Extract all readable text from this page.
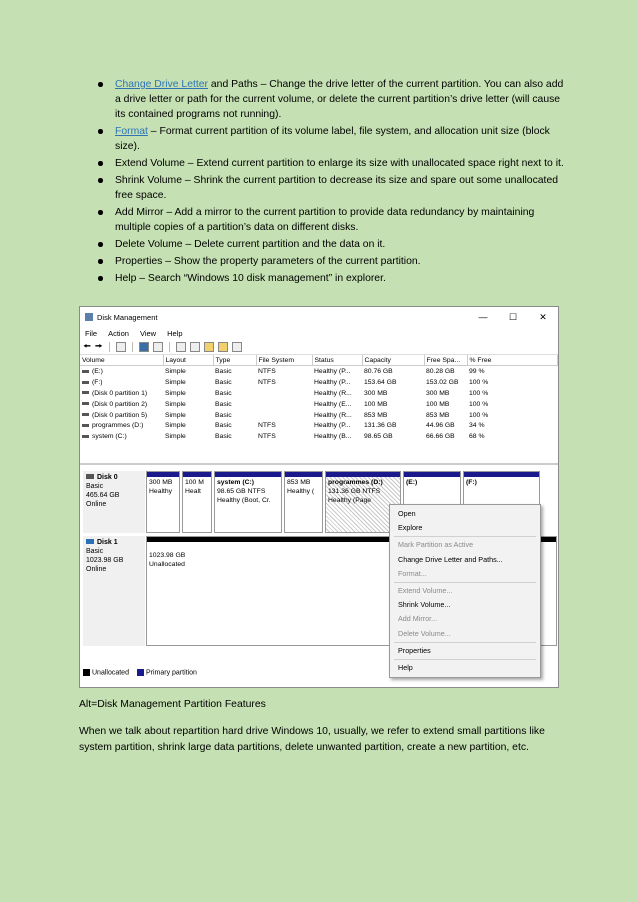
Change Drive Letter and Paths – Change the drive letter of the current partition. You can also add a drive letter or path for the current volume, or delete the current partition’s drive letter (will cause its contained programs not running).
Format – Format current partition of its volume label, file system, and allocation unit size (block size).
Extend Volume – Extend current partition to enlarge its size with unallocated space right next to it.
Shrink Volume – Shrink the current partition to decrease its size and spare out some unallocated free space.
Add Mirror – Add a mirror to the current partition to provide data redundancy by maintaining multiple copies of a partition’s data on different disks.
Delete Volume – Delete current partition and the data on it.
Properties – Show the property parameters of the current partition.
Help – Search “Windows 10 disk management” in explorer.
Disk Management	—	☐	✕
File Action View Help
🠘 🠚
Volume	Layout	Type	File System	Status	Capacity	Free Spa...	% Free
(E:)	Simple	Basic	NTFS	Healthy (P...	80.76 GB	80.28 GB	99 %
(F:)	Simple	Basic	NTFS	Healthy (P...	153.64 GB	153.02 GB	100 %
(Disk 0 partition 1)	Simple	Basic		Healthy (R...	300 MB	300 MB	100 %
(Disk 0 partition 2)	Simple	Basic		Healthy (E...	100 MB	100 MB	100 %
(Disk 0 partition 5)	Simple	Basic		Healthy (R...	853 MB	853 MB	100 %
programmes (D:)	Simple	Basic	NTFS	Healthy (P...	131.36 GB	44.96 GB	34 %
system (C:)	Simple	Basic	NTFS	Healthy (B...	98.65 GB	66.66 GB	68 %
Disk 0
Basic
465.64 GB
Online
300 MB
Healthy
100 M
Healt
system (C:)
98.65 GB NTFS
Healthy (Boot, Cr.
853 MB
Healthy (
programmes (D:)
131.36 GB NTFS
Healthy (Page
(E:)	(F:)
Disk 1
Basic
1023.98 GB
Online
1023.98 GB
Unallocated
Unallocated	Primary partition
Open
Explore
Mark Partition as Active
Change Drive Letter and Paths...
Format...
Extend Volume...
Shrink Volume...
Add Mirror...
Delete Volume...
Properties
Help
Alt=Disk Management Partition Features
When we talk about repartition hard drive Windows 10, usually, we refer to extend small partitions like system partition, shrink large data partitions, delete unwanted partition, create a new partition, etc.
